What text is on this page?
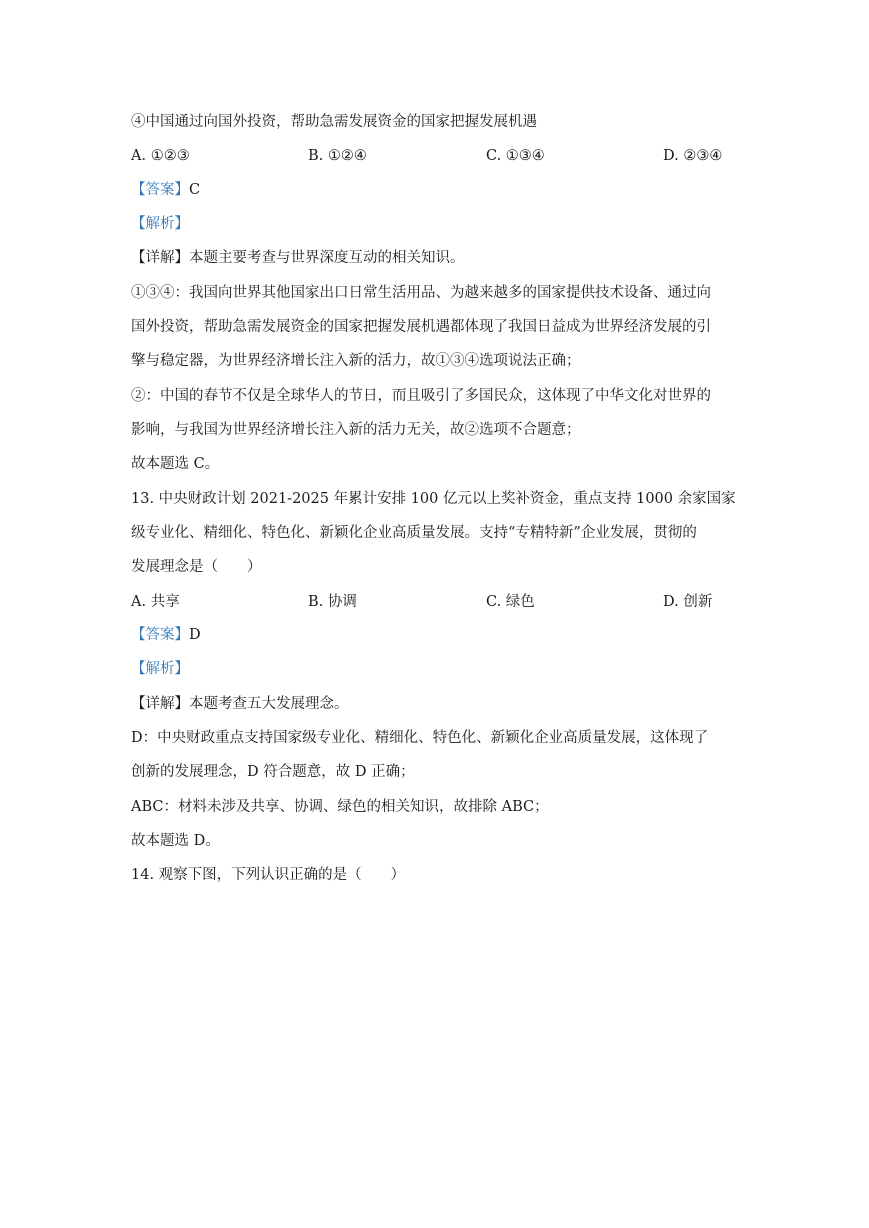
④中国通过向国外投资，帮助急需发展资金的国家把握发展机遇
A. ①②③	B. ①②④	C. ①③④	D. ②③④
【答案】C
【解析】
【详解】本题主要考查与世界深度互动的相关知识。
①③④：我国向世界其他国家出口日常生活用品、为越来越多的国家提供技术设备、通过向
国外投资，帮助急需发展资金的国家把握发展机遇都体现了我国日益成为世界经济发展的引
擎与稳定器，为世界经济增长注入新的活力，故①③④选项说法正确；
②：中国的春节不仅是全球华人的节日，而且吸引了多国民众，这体现了中华文化对世界的
影响，与我国为世界经济增长注入新的活力无关，故②选项不合题意；
故本题选 C。
13. 中央财政计划 2021-2025 年累计安排 100 亿元以上奖补资金，重点支持 1000 余家国家
级专业化、精细化、特色化、新颖化企业高质量发展。支持“专精特新”企业发展，贯彻的
发展理念是（　　）
A. 共享	B. 协调	C. 绿色	D. 创新
【答案】D
【解析】
【详解】本题考查五大发展理念。
D：中央财政重点支持国家级专业化、精细化、特色化、新颖化企业高质量发展，这体现了
创新的发展理念，D 符合题意，故 D 正确；
ABC：材料未涉及共享、协调、绿色的相关知识，故排除 ABC；
故本题选 D。
14. 观察下图，下列认识正确的是（　　）
